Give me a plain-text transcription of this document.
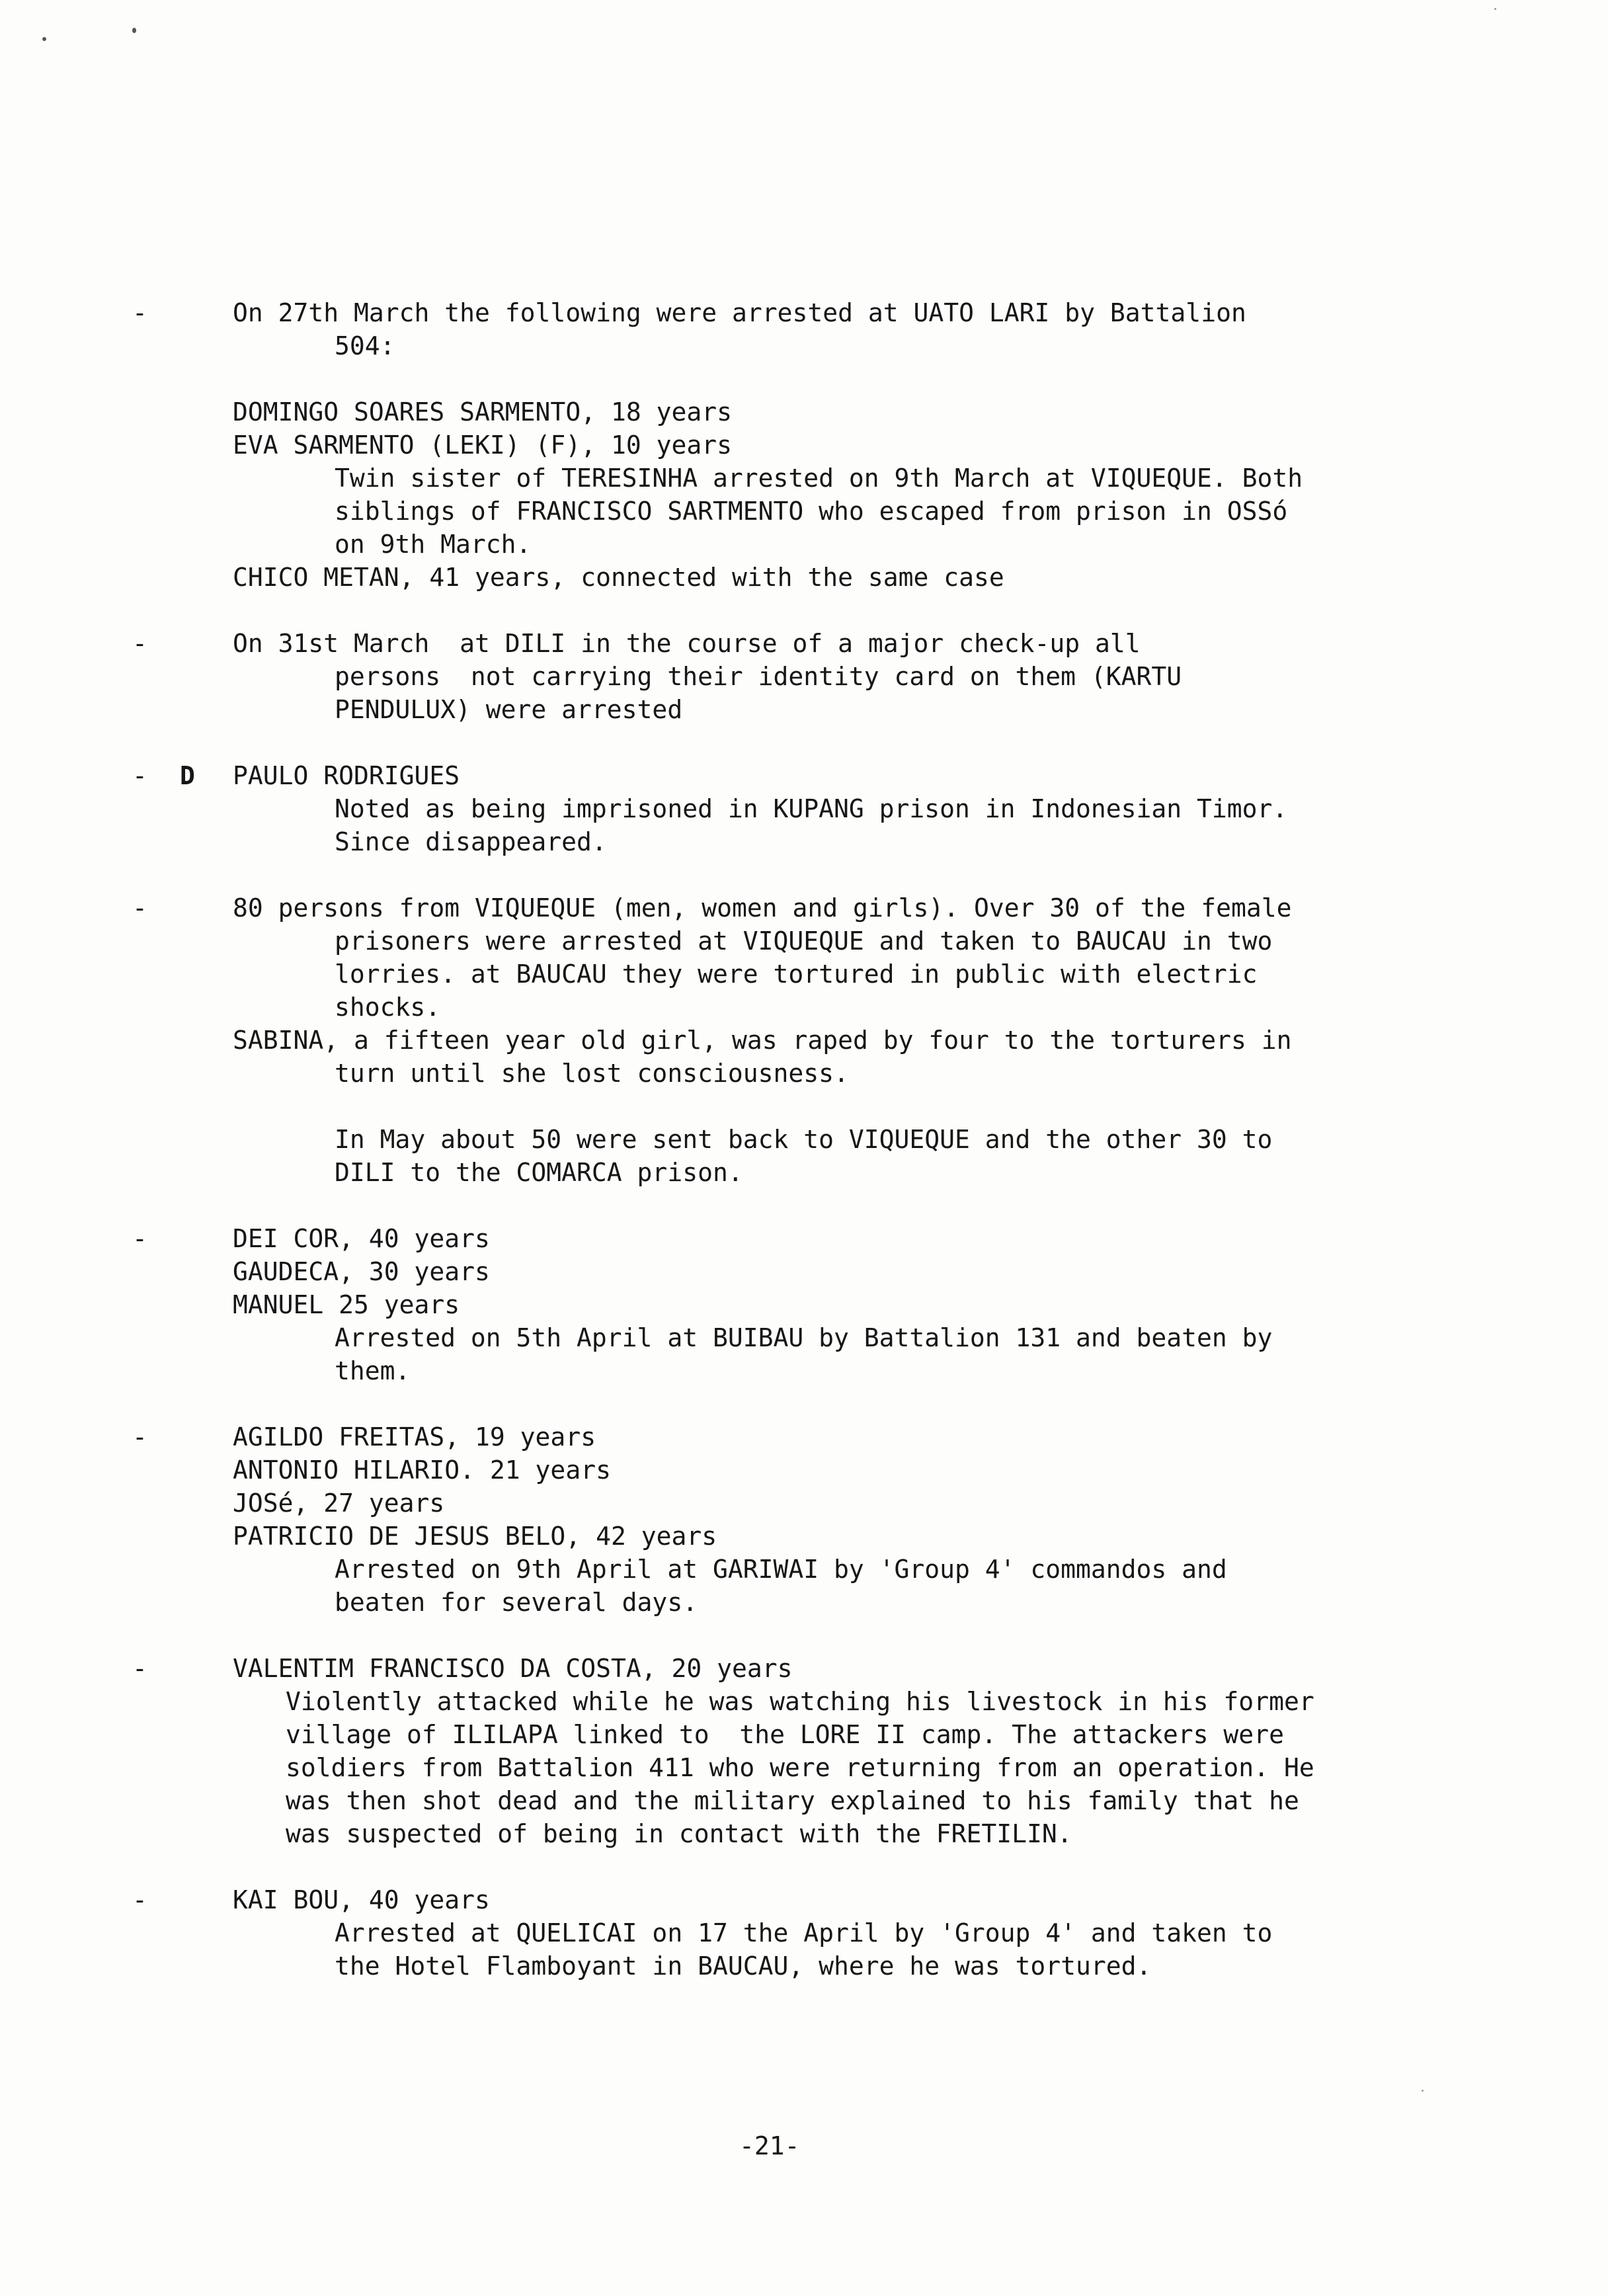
-	On 27th March the following were arrested at UATO LARI by Battalion
504:
DOMINGO SOARES SARMENTO, 18 years
EVA SARMENTO (LEKI) (F), 10 years
Twin sister of TERESINHA arrested on 9th March at VIQUEQUE. Both
siblings of FRANCISCO SARTMENTO who escaped from prison in OSSó
on 9th March.
CHICO METAN, 41 years, connected with the same case
-	On 31st March  at DILI in the course of a major check-up all
persons  not carrying their identity card on them (KARTU
PENDULUX) were arrested
- D PAULO RODRIGUES
Noted as being imprisoned in KUPANG prison in Indonesian Timor.
Since disappeared.
-	80 persons from VIQUEQUE (men, women and girls). Over 30 of the female
prisoners were arrested at VIQUEQUE and taken to BAUCAU in two
lorries. at BAUCAU they were tortured in public with electric
shocks.
SABINA, a fifteen year old girl, was raped by four to the torturers in
turn until she lost consciousness.
In May about 50 were sent back to VIQUEQUE and the other 30 to
DILI to the COMARCA prison.
-	DEI COR, 40 years
GAUDECA, 30 years
MANUEL 25 years
Arrested on 5th April at BUIBAU by Battalion 131 and beaten by
them.
-	AGILDO FREITAS, 19 years
ANTONIO HILARIO. 21 years
JOSé, 27 years
PATRICIO DE JESUS BELO, 42 years
Arrested on 9th April at GARIWAI by 'Group 4' commandos and
beaten for several days.
-	VALENTIM FRANCISCO DA COSTA, 20 years
Violently attacked while he was watching his livestock in his former
village of ILILAPA linked to  the LORE II camp. The attackers were
soldiers from Battalion 411 who were returning from an operation. He
was then shot dead and the military explained to his family that he
was suspected of being in contact with the FRETILIN.
-	KAI BOU, 40 years
Arrested at QUELICAI on 17 the April by 'Group 4' and taken to
the Hotel Flamboyant in BAUCAU, where he was tortured.
-21-
